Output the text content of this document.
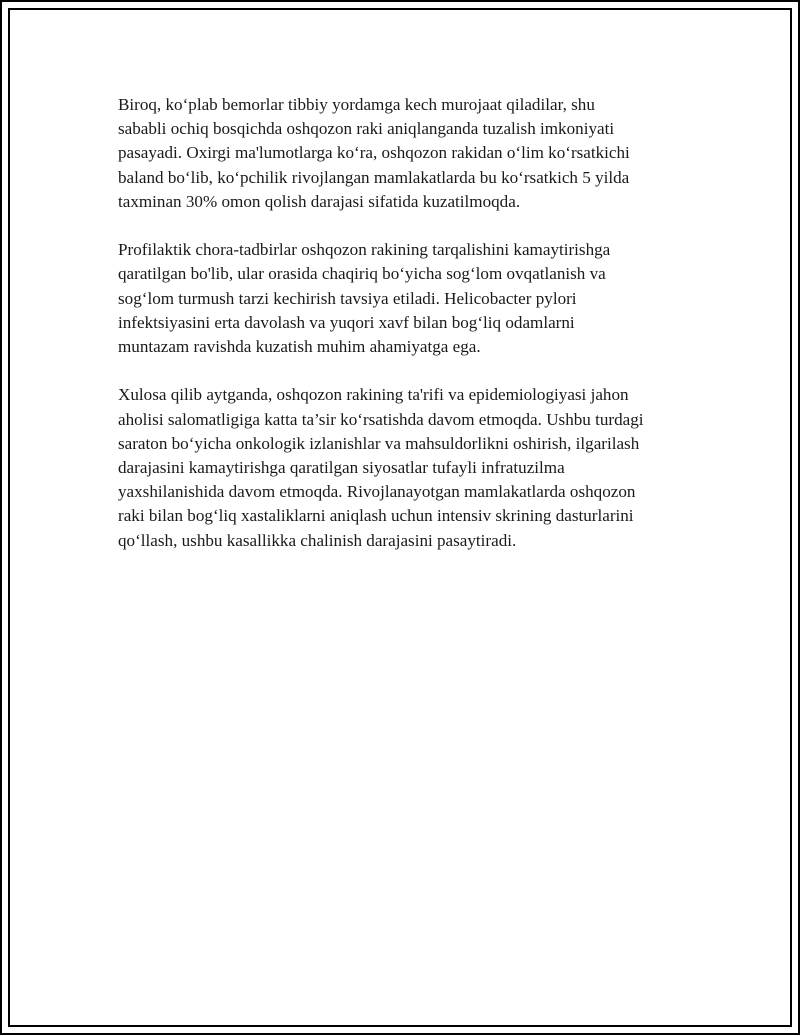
Biroq, ko‘plab bemorlar tibbiy yordamga kech murojaat qiladilar, shu
sababli ochiq bosqichda oshqozon raki aniqlanganda tuzalish imkoniyati
pasayadi. Oxirgi ma'lumotlarga ko‘ra, oshqozon rakidan o‘lim ko‘rsatkichi
baland bo‘lib, ko‘pchilik rivojlangan mamlakatlarda bu ko‘rsatkich 5 yilda
taxminan 30% omon qolish darajasi sifatida kuzatilmoqda.

Profilaktik chora-tadbirlar oshqozon rakining tarqalishini kamaytirishga
qaratilgan bo'lib, ular orasida chaqiriq bo‘yicha sog‘lom ovqatlanish va
sog‘lom turmush tarzi kechirish tavsiya etiladi. Helicobacter pylori
infektsiyasini erta davolash va yuqori xavf bilan bog‘liq odamlarni
muntazam ravishda kuzatish muhim ahamiyatga ega.

Xulosa qilib aytganda, oshqozon rakining ta'rifi va epidemiologiyasi jahon
aholisi salomatligiga katta ta’sir ko‘rsatishda davom etmoqda. Ushbu turdagi
saraton bo‘yicha onkologik izlanishlar va mahsuldorlikni oshirish, ilgarilash
darajasini kamaytirishga qaratilgan siyosatlar tufayli infratuzilma
yaxshilanishida davom etmoqda. Rivojlanayotgan mamlakatlarda oshqozon
raki bilan bog‘liq xastaliklarni aniqlash uchun intensiv skrining dasturlarini
qo‘llash, ushbu kasallikka chalinish darajasini pasaytiradi.
